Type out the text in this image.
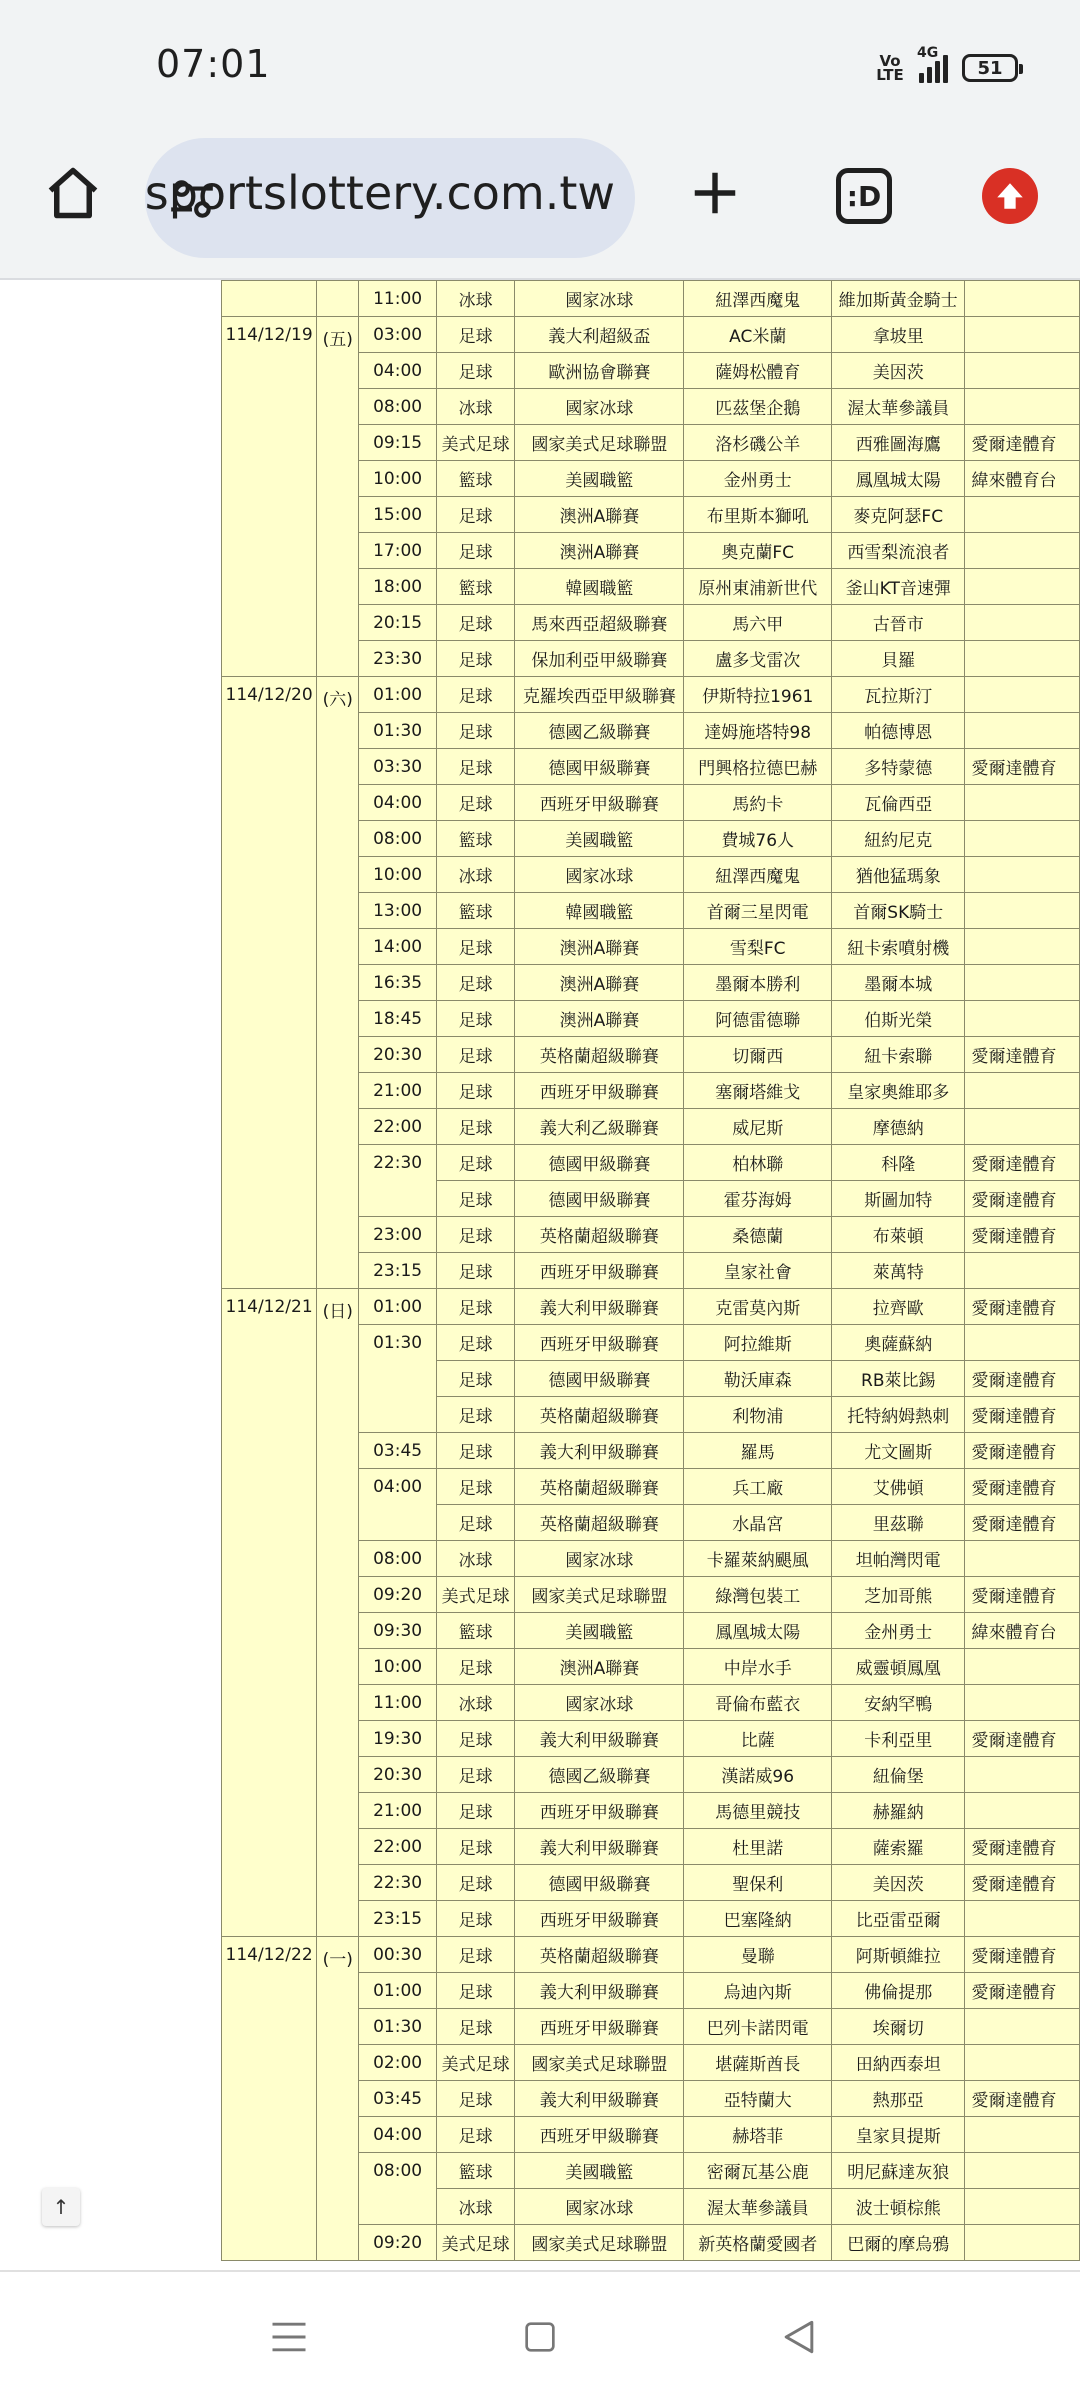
07:01	Vo LTE
4G
51
sportslottery.com.tw	:D
		11:00	冰球	國家冰球	紐澤西魔鬼	維加斯黃金騎士	
114/12/19	(五)	03:00	足球	義大利超級盃	AC米蘭	拿坡里	
		04:00	足球	歐洲協會聯賽	薩姆松體育	美因茨	
		08:00	冰球	國家冰球	匹茲堡企鵝	渥太華參議員	
		09:15	美式足球	國家美式足球聯盟	洛杉磯公羊	西雅圖海鷹	愛爾達體育
		10:00	籃球	美國職籃	金州勇士	鳳凰城太陽	緯來體育台
		15:00	足球	澳洲A聯賽	布里斯本獅吼	麥克阿瑟FC	
		17:00	足球	澳洲A聯賽	奧克蘭FC	西雪梨流浪者	
		18:00	籃球	韓國職籃	原州東浦新世代	釜山KT音速彈	
		20:15	足球	馬來西亞超級聯賽	馬六甲	古晉市	
		23:30	足球	保加利亞甲級聯賽	盧多戈雷次	貝羅	
114/12/20	(六)	01:00	足球	克羅埃西亞甲級聯賽	伊斯特拉1961	瓦拉斯汀	
		01:30	足球	德國乙級聯賽	達姆施塔特98	帕德博恩	
		03:30	足球	德國甲級聯賽	門興格拉德巴赫	多特蒙德	愛爾達體育
		04:00	足球	西班牙甲級聯賽	馬約卡	瓦倫西亞	
		08:00	籃球	美國職籃	費城76人	紐約尼克	
		10:00	冰球	國家冰球	紐澤西魔鬼	猶他猛瑪象	
		13:00	籃球	韓國職籃	首爾三星閃電	首爾SK騎士	
		14:00	足球	澳洲A聯賽	雪梨FC	紐卡索噴射機	
		16:35	足球	澳洲A聯賽	墨爾本勝利	墨爾本城	
		18:45	足球	澳洲A聯賽	阿德雷德聯	伯斯光榮	
		20:30	足球	英格蘭超級聯賽	切爾西	紐卡索聯	愛爾達體育
		21:00	足球	西班牙甲級聯賽	塞爾塔維戈	皇家奧維耶多	
		22:00	足球	義大利乙級聯賽	威尼斯	摩德納	
		22:30	足球	德國甲級聯賽	柏林聯	科隆	愛爾達體育
			足球	德國甲級聯賽	霍芬海姆	斯圖加特	愛爾達體育
		23:00	足球	英格蘭超級聯賽	桑德蘭	布萊頓	愛爾達體育
		23:15	足球	西班牙甲級聯賽	皇家社會	萊萬特	
114/12/21	(日)	01:00	足球	義大利甲級聯賽	克雷莫內斯	拉齊歐	愛爾達體育
		01:30	足球	西班牙甲級聯賽	阿拉維斯	奧薩蘇納	
			足球	德國甲級聯賽	勒沃庫森	RB萊比錫	愛爾達體育
			足球	英格蘭超級聯賽	利物浦	托特納姆熱刺	愛爾達體育
		03:45	足球	義大利甲級聯賽	羅馬	尤文圖斯	愛爾達體育
		04:00	足球	英格蘭超級聯賽	兵工廠	艾佛頓	愛爾達體育
			足球	英格蘭超級聯賽	水晶宮	里茲聯	愛爾達體育
		08:00	冰球	國家冰球	卡羅萊納颶風	坦帕灣閃電	
		09:20	美式足球	國家美式足球聯盟	綠灣包裝工	芝加哥熊	愛爾達體育
		09:30	籃球	美國職籃	鳳凰城太陽	金州勇士	緯來體育台
		10:00	足球	澳洲A聯賽	中岸水手	威靈頓鳳凰	
		11:00	冰球	國家冰球	哥倫布藍衣	安納罕鴨	
		19:30	足球	義大利甲級聯賽	比薩	卡利亞里	愛爾達體育
		20:30	足球	德國乙級聯賽	漢諾威96	紐倫堡	
		21:00	足球	西班牙甲級聯賽	馬德里競技	赫羅納	
		22:00	足球	義大利甲級聯賽	杜里諾	薩索羅	愛爾達體育
		22:30	足球	德國甲級聯賽	聖保利	美因茨	愛爾達體育
		23:15	足球	西班牙甲級聯賽	巴塞隆納	比亞雷亞爾	
114/12/22	(一)	00:30	足球	英格蘭超級聯賽	曼聯	阿斯頓維拉	愛爾達體育
		01:00	足球	義大利甲級聯賽	烏迪內斯	佛倫提那	愛爾達體育
		01:30	足球	西班牙甲級聯賽	巴列卡諾閃電	埃爾切	
		02:00	美式足球	國家美式足球聯盟	堪薩斯酋長	田納西泰坦	
		03:45	足球	義大利甲級聯賽	亞特蘭大	熱那亞	愛爾達體育
		04:00	足球	西班牙甲級聯賽	赫塔菲	皇家貝提斯	
		08:00	籃球	美國職籃	密爾瓦基公鹿	明尼蘇達灰狼	
			冰球	國家冰球	渥太華參議員	波士頓棕熊	
		09:20	美式足球	國家美式足球聯盟	新英格蘭愛國者	巴爾的摩烏鴉	
↑
